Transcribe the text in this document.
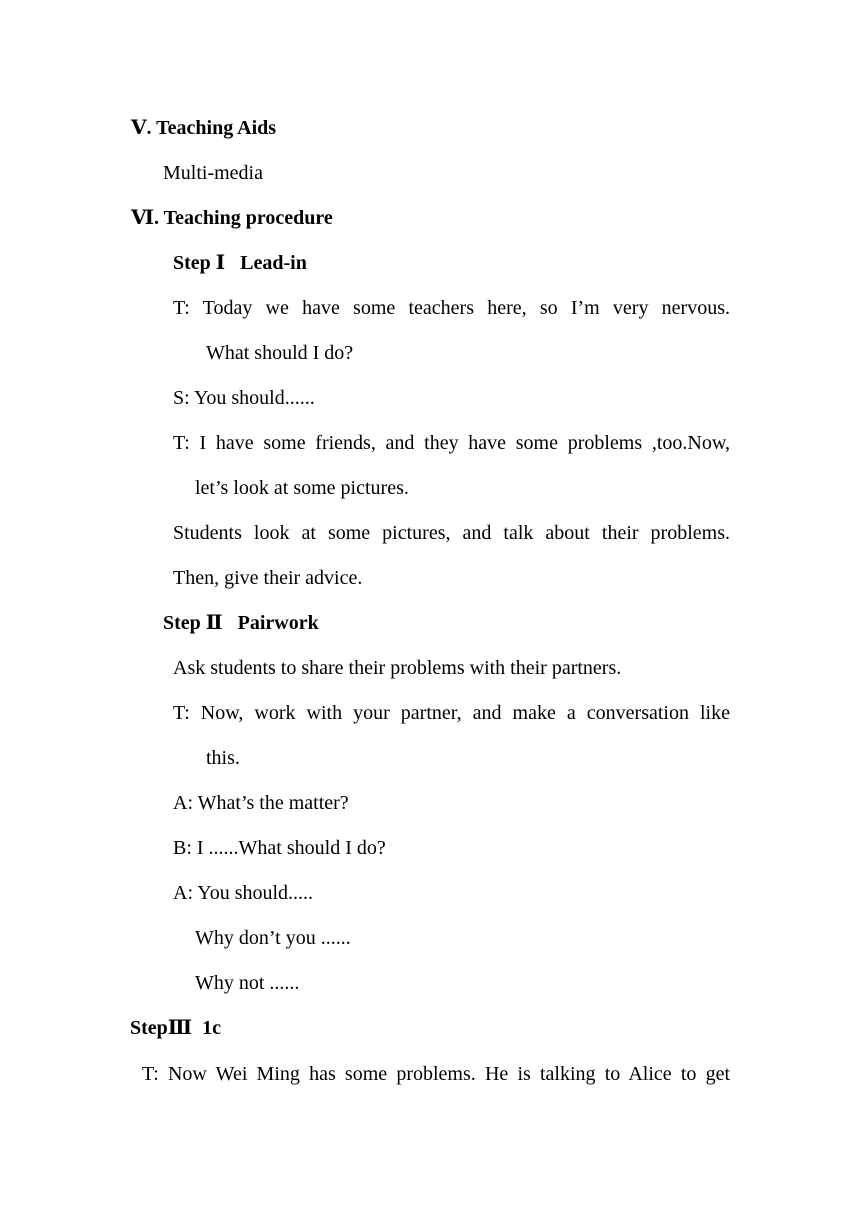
Ⅴ. Teaching Aids
Multi-media
Ⅵ. Teaching procedure
Step Ⅰ Lead-in
T: Today we have some teachers here, so I’m very nervous.
What should I do?
S: You should......
T: I have some friends, and they have some problems ,too.Now,
let’s look at some pictures.
Students look at some pictures, and talk about their problems.
Then, give their advice.
Step Ⅱ Pairwork
Ask students to share their problems with their partners.
T: Now, work with your partner, and make a conversation like
this.
A: What’s the matter?
B: I ......What should I do?
A: You should.....
Why don’t you ......
Why not ......
StepⅢ 1c
T: Now Wei Ming has some problems. He is talking to Alice to get
